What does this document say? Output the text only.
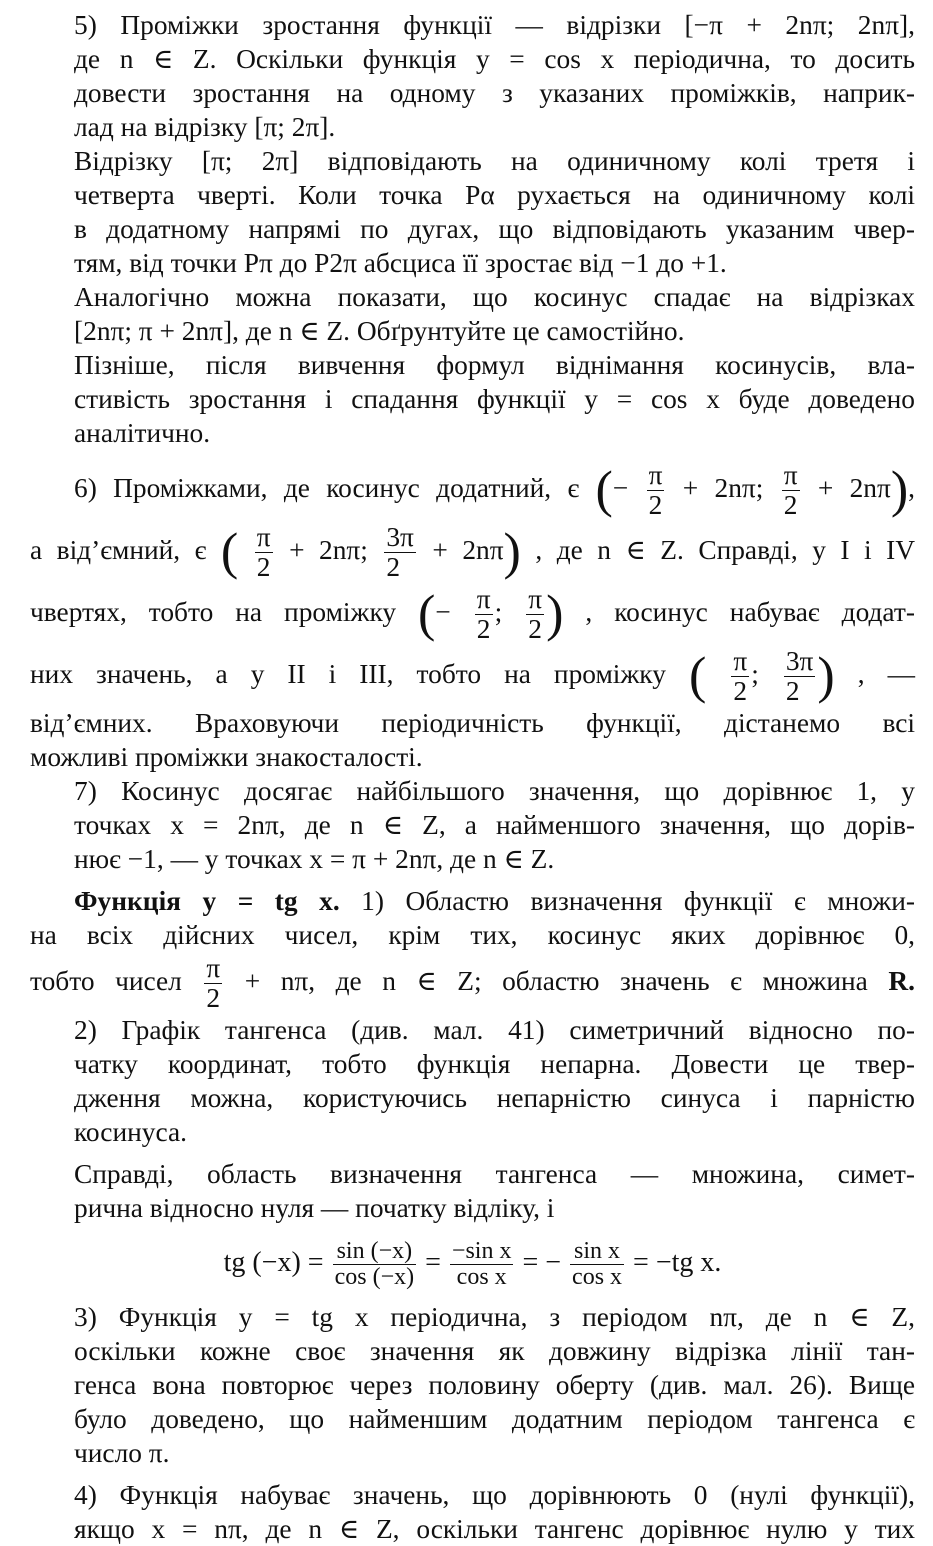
5) Проміжки зростання функції — відрізки [−π + 2nπ; 2nπ],
де n ∈ Z. Оскільки функція y = cos x періодична, то досить
довести зростання на одному з указаних проміжків, наприк-
лад на відрізку [π; 2π].

Відрізку [π; 2π] відповідають на одиничному колі третя і
четверта чверті. Коли точка Pα рухається на одиничному колі
в додатному напрямі по дугах, що відповідають указаним чвер-
тям, від точки Pπ до P2π абсциса її зростає від −1 до +1.

Аналогічно можна показати, що косинус спадає на відрізках
[2nπ; π + 2nπ], де n ∈ Z. Обґрунтуйте це самостійно.

Пізніше, після вивчення формул віднімання косинусів, вла-
стивість зростання і спадання функції y = cos x буде доведено
аналітично.

6) Проміжками, де косинус додатний, є (− $\frac{\pi}{2} + 2n\pi$; $\frac{\pi}{2} + 2n\pi$),
а від’ємний, є ( $\frac{\pi}{2} + 2n\pi$; $\frac{3\pi}{2} + 2n\pi$) , де n ∈ Z. Справді, у I і IV
чвертях, тобто на проміжку (− $\frac{\pi}{2}$ ; $\frac{\pi}{2}$ ) , косинус набуває додат-
них значень, а у II і III, тобто на проміжку ( $\frac{\pi}{2}$ ; $\frac{3\pi}{2}$ ) , —

від’ємних. Враховуючи періодичність функції, дістанемо всі
можливі проміжки знакосталості.

7) Косинус досягає найбільшого значення, що дорівнює 1, у
точках x = 2nπ, де n ∈ Z, а найменшого значення, що дорів-
нює −1, — у точках x = π + 2nπ, де n ∈ Z.

Функція y = tg x. 1) Областю визначення функції є множи-
на всіх дійсних чисел, крім тих, косинус яких дорівнює 0,
тобто чисел $\frac{\pi}{2} + n\pi$, де n ∈ Z; областю значень є множина R.

2) Графік тангенса (див. мал. 41) симетричний відносно по-
чатку координат, тобто функція непарна. Довести це твер-
дження можна, користуючись непарністю синуса і парністю
косинуса.

Справді, область визначення тангенса — множина, симет-
рична відносно нуля — початку відліку, і

tg $(-x) = \frac{\sin (-x)}{\cos (-x)} = \frac{\text{−sin x}}{\text{cos x}}$ = − $\frac{\text{sin x}}{\text{cos x}} = -tg$ x.

3) Функція y = tg x періодична, з періодом nπ, де n ∈ Z,
оскільки кожне своє значення як довжину відрізка лінії тан-
генса вона повторює через половину оберту (див. мал. 26). Вище
було доведено, що найменшим додатним періодом тангенса є
число π.

4) Функція набуває значень, що дорівнюють 0 (нулі функції),
якщо x = nπ, де n ∈ Z, оскільки тангенс дорівнює нулю у тих
